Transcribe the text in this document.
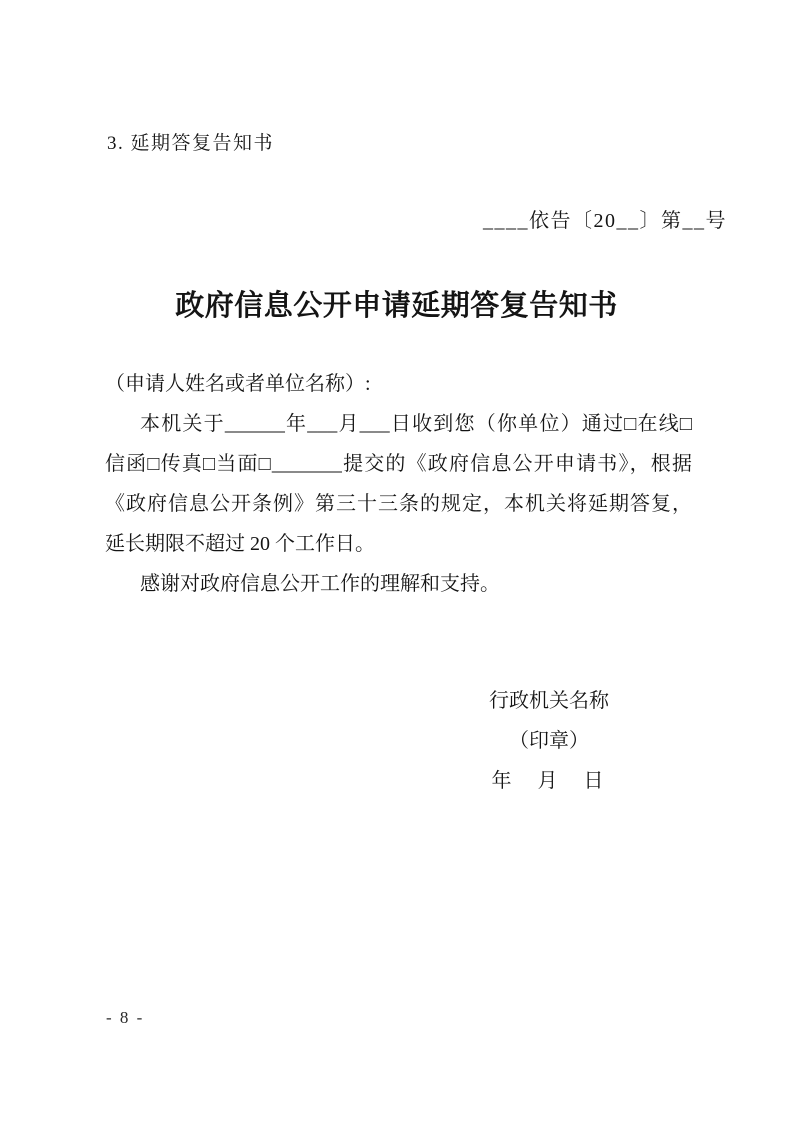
3. 延期答复告知书
____依告〔20__〕第__号
政府信息公开申请延期答复告知书
（申请人姓名或者单位名称）:
本机关于______年___月___日收到您（你单位）通过□在线□
信函□传真□当面□_______提交的《政府信息公开申请书》，根据
《政府信息公开条例》第三十三条的规定，本机关将延期答复，
延长期限不超过 20 个工作日。
感谢对政府信息公开工作的理解和支持。
行政机关名称
（印章）
年　月　日
- 8 -
